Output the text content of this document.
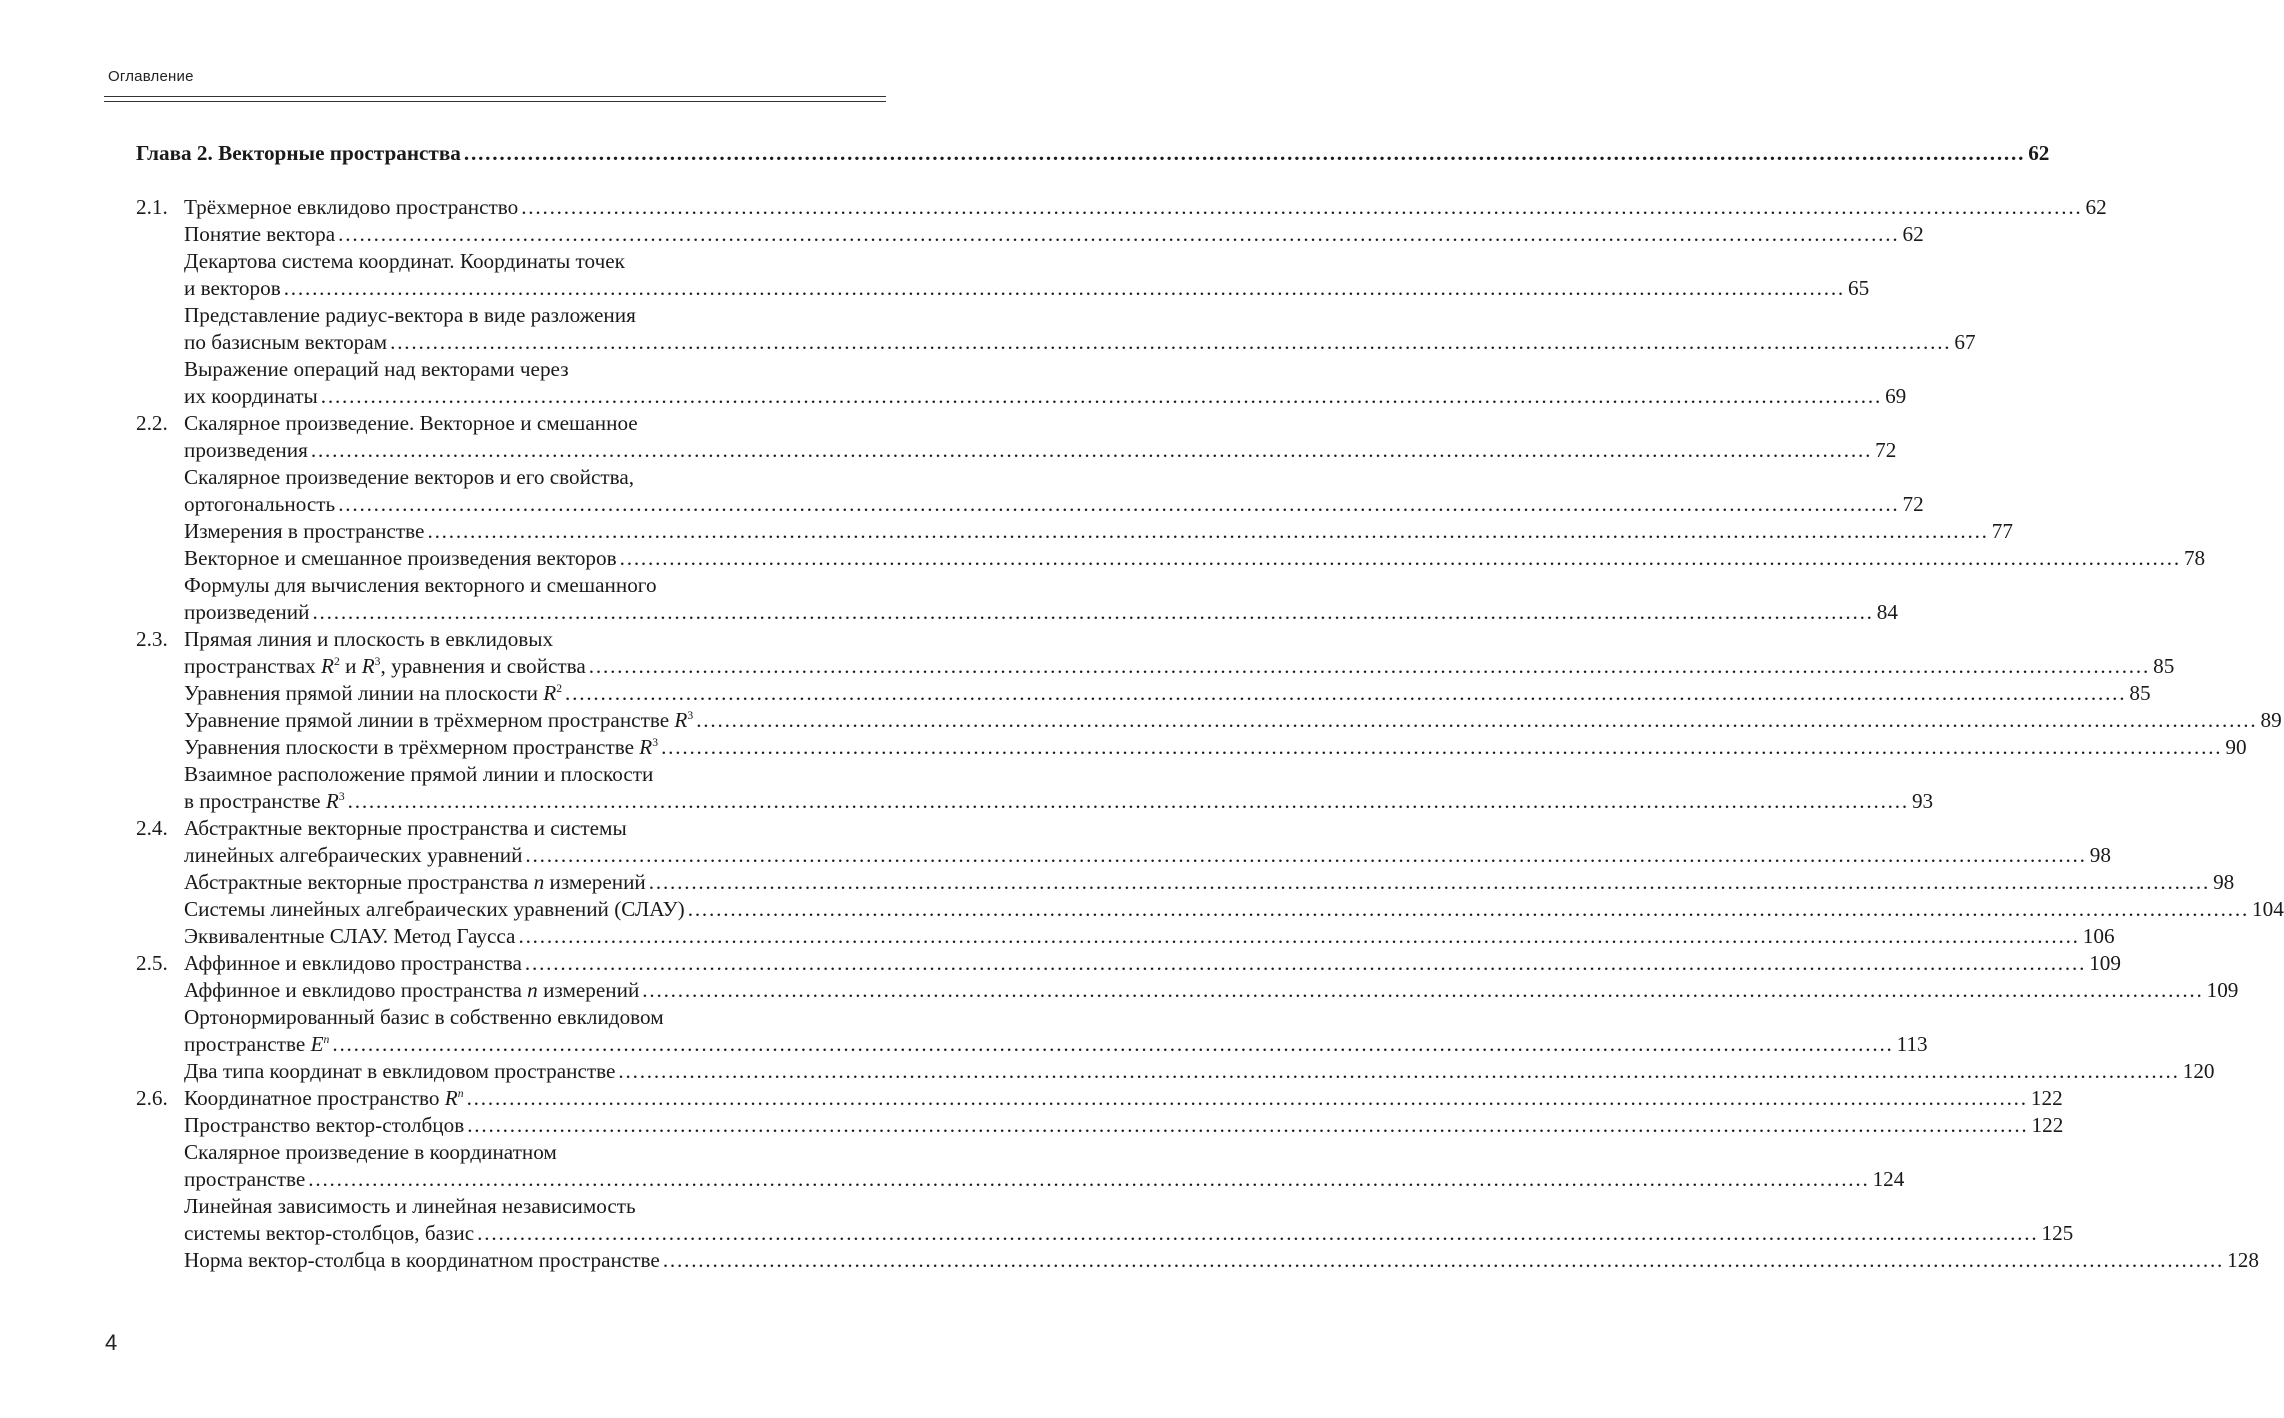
Оглавление
Глава 2. Векторные пространства ............................................................................................................................................................................................................................ 62
2.1. Трёхмерное евклидово пространство ............................................................................................................................................................................................................................ 62
Понятие вектора ............................................................................................................................................................................................................................ 62
Декартова система координат. Координаты точек
и векторов ............................................................................................................................................................................................................................ 65
Представление радиус-вектора в виде разложения
по базисным векторам ............................................................................................................................................................................................................................ 67
Выражение операций над векторами через
их координаты ............................................................................................................................................................................................................................ 69
2.2. Скалярное произведение. Векторное и смешанное
произведения ............................................................................................................................................................................................................................ 72
Скалярное произведение векторов и его свойства,
ортогональность ............................................................................................................................................................................................................................ 72
Измерения в пространстве ............................................................................................................................................................................................................................ 77
Векторное и смешанное произведения векторов ............................................................................................................................................................................................................................ 78
Формулы для вычисления векторного и смешанного
произведений ............................................................................................................................................................................................................................ 84
2.3. Прямая линия и плоскость в евклидовых
пространствах $R^2$ и $R^3$, уравнения и свойства ............................................................................................................................................................................................................................ 85
Уравнения прямой линии на плоскости $R^2$ ............................................................................................................................................................................................................................ 85
Уравнение прямой линии в трёхмерном пространстве $R^3$ ............................................................................................................................................................................................................................ 89
Уравнения плоскости в трёхмерном пространстве $R^3$ ............................................................................................................................................................................................................................ 90
Взаимное расположение прямой линии и плоскости
в пространстве $R^3$ ............................................................................................................................................................................................................................ 93
2.4. Абстрактные векторные пространства и системы
линейных алгебраических уравнений ............................................................................................................................................................................................................................ 98
Абстрактные векторные пространства n измерений ............................................................................................................................................................................................................................ 98
Системы линейных алгебраических уравнений (СЛАУ) ............................................................................................................................................................................................................................ 104
Эквивалентные СЛАУ. Метод Гаусса ............................................................................................................................................................................................................................ 106
2.5. Аффинное и евклидово пространства ............................................................................................................................................................................................................................ 109
Аффинное и евклидово пространства n измерений ............................................................................................................................................................................................................................ 109
Ортонормированный базис в собственно евклидовом
пространстве $E^n$ ............................................................................................................................................................................................................................ 113
Два типа координат в евклидовом пространстве ............................................................................................................................................................................................................................ 120
2.6. Координатное пространство $R^n$ ............................................................................................................................................................................................................................ 122
Пространство вектор-столбцов ............................................................................................................................................................................................................................ 122
Скалярное произведение в координатном
пространстве ............................................................................................................................................................................................................................ 124
Линейная зависимость и линейная независимость
системы вектор-столбцов, базис ............................................................................................................................................................................................................................ 125
Норма вектор-столбца в координатном пространстве ............................................................................................................................................................................................................................ 128
4
